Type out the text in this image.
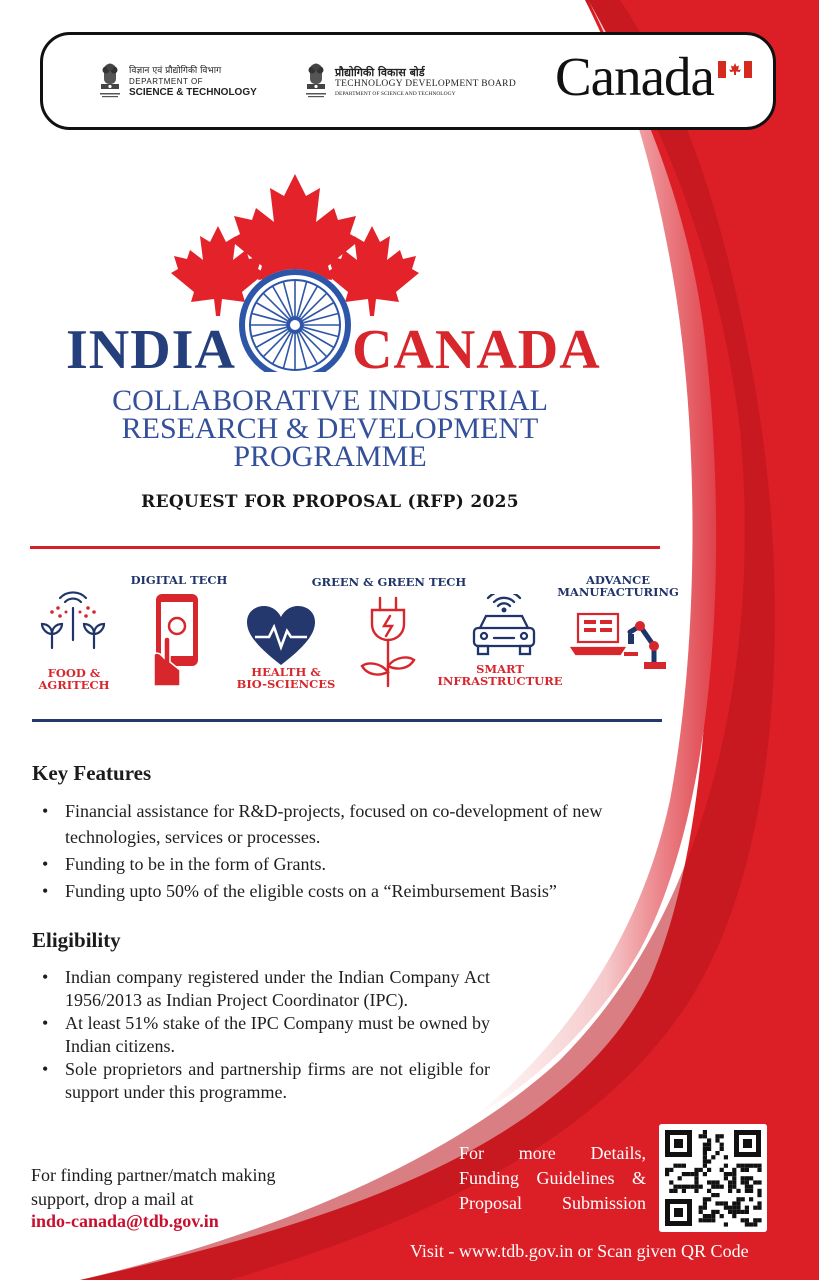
विज्ञान एवं प्रौद्योगिकी विभाग
DEPARTMENT OF
SCIENCE & TECHNOLOGY
प्रौद्योगिकी विकास बोर्ड
TECHNOLOGY DEVELOPMENT BOARD
DEPARTMENT OF SCIENCE AND TECHNOLOGY	Canada
INDIA CANADA
COLLABORATIVE INDUSTRIAL
RESEARCH & DEVELOPMENT
PROGRAMME
REQUEST FOR PROPOSAL (RFP) 2025
FOOD &
AGRITECH
DIGITAL TECH
HEALTH &
BIO-SCIENCES
GREEN & GREEN TECH
SMART
INFRASTRUCTURE
ADVANCE
MANUFACTURING
Key Features
• Financial assistance for R&D-projects, focused on co-development of new technologies, services or processes.
• Funding to be in the form of Grants.
• Funding upto 50% of the eligible costs on a “Reimbursement Basis”
Eligibility
• Indian company registered under the Indian Company Act 1956/2013 as Indian Project Coordinator (IPC).
• At least 51% stake of the IPC Company must be owned by Indian citizens.
• Sole proprietors and partnership firms are not eligible for support under this programme.
For finding partner/match making support, drop a mail at
indo-canada@tdb.gov.in
For more Details, Funding Guidelines & Proposal Submission
Visit - www.tdb.gov.in or Scan given QR Code
